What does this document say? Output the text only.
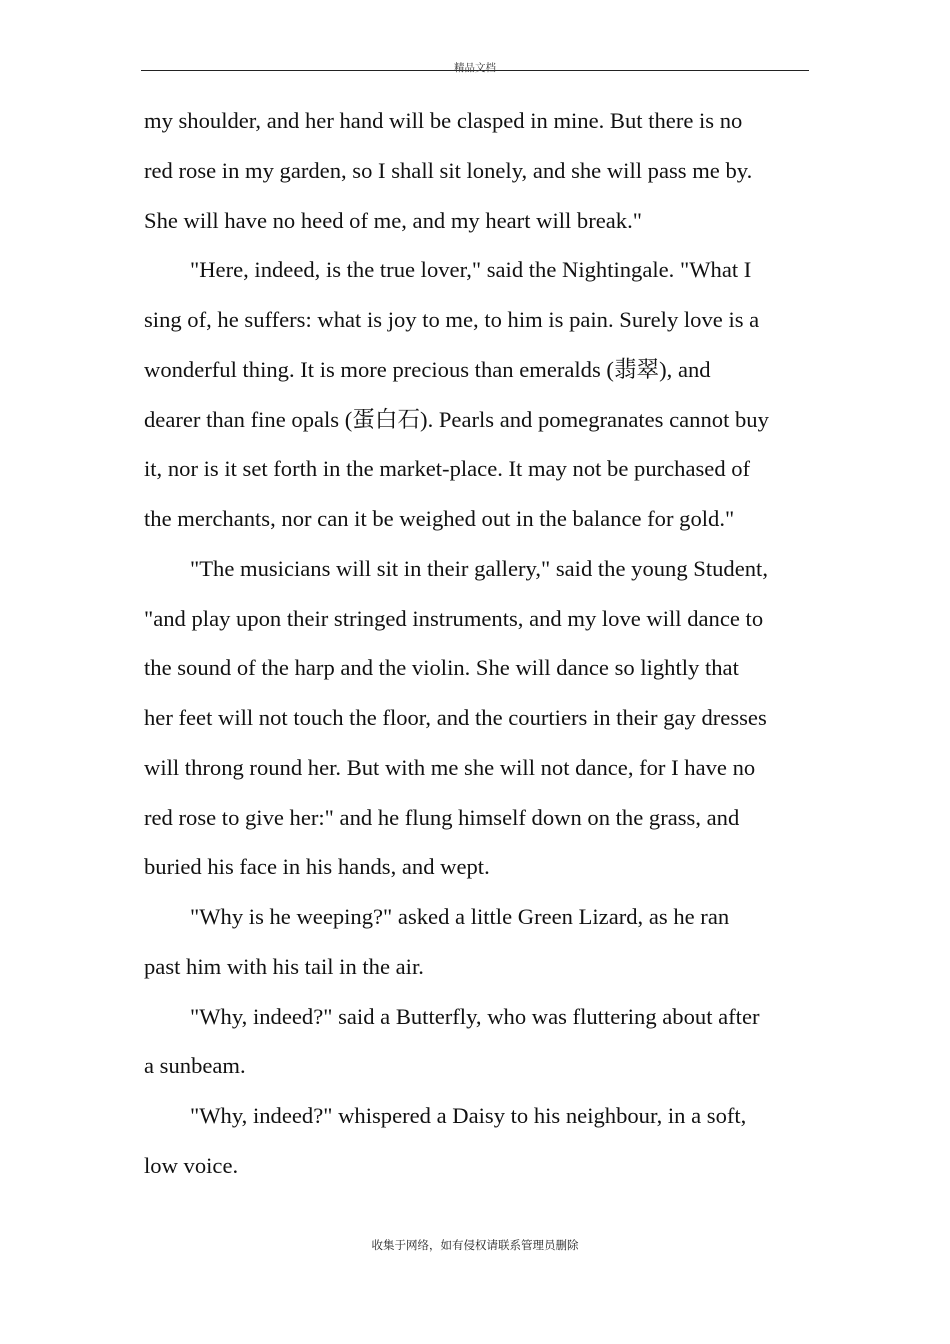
精品文档

my shoulder, and her hand will be clasped in mine. But there is no
red rose in my garden, so I shall sit lonely, and she will pass me by.
She will have no heed of me, and my heart will break."

"Here, indeed, is the true lover," said the Nightingale. "What I
sing of, he suffers: what is joy to me, to him is pain. Surely love is a
wonderful thing. It is more precious than emeralds (翡翠), and
dearer than fine opals (蛋白石). Pearls and pomegranates cannot buy
it, nor is it set forth in the market-place. It may not be purchased of
the merchants, nor can it be weighed out in the balance for gold."

"The musicians will sit in their gallery," said the young Student,
"and play upon their stringed instruments, and my love will dance to
the sound of the harp and the violin. She will dance so lightly that
her feet will not touch the floor, and the courtiers in their gay dresses
will throng round her. But with me she will not dance, for I have no
red rose to give her:" and he flung himself down on the grass, and
buried his face in his hands, and wept.

"Why is he weeping?" asked a little Green Lizard, as he ran
past him with his tail in the air.

"Why, indeed?" said a Butterfly, who was fluttering about after
a sunbeam.

"Why, indeed?" whispered a Daisy to his neighbour, in a soft,
low voice.

收集于网络，如有侵权请联系管理员删除
